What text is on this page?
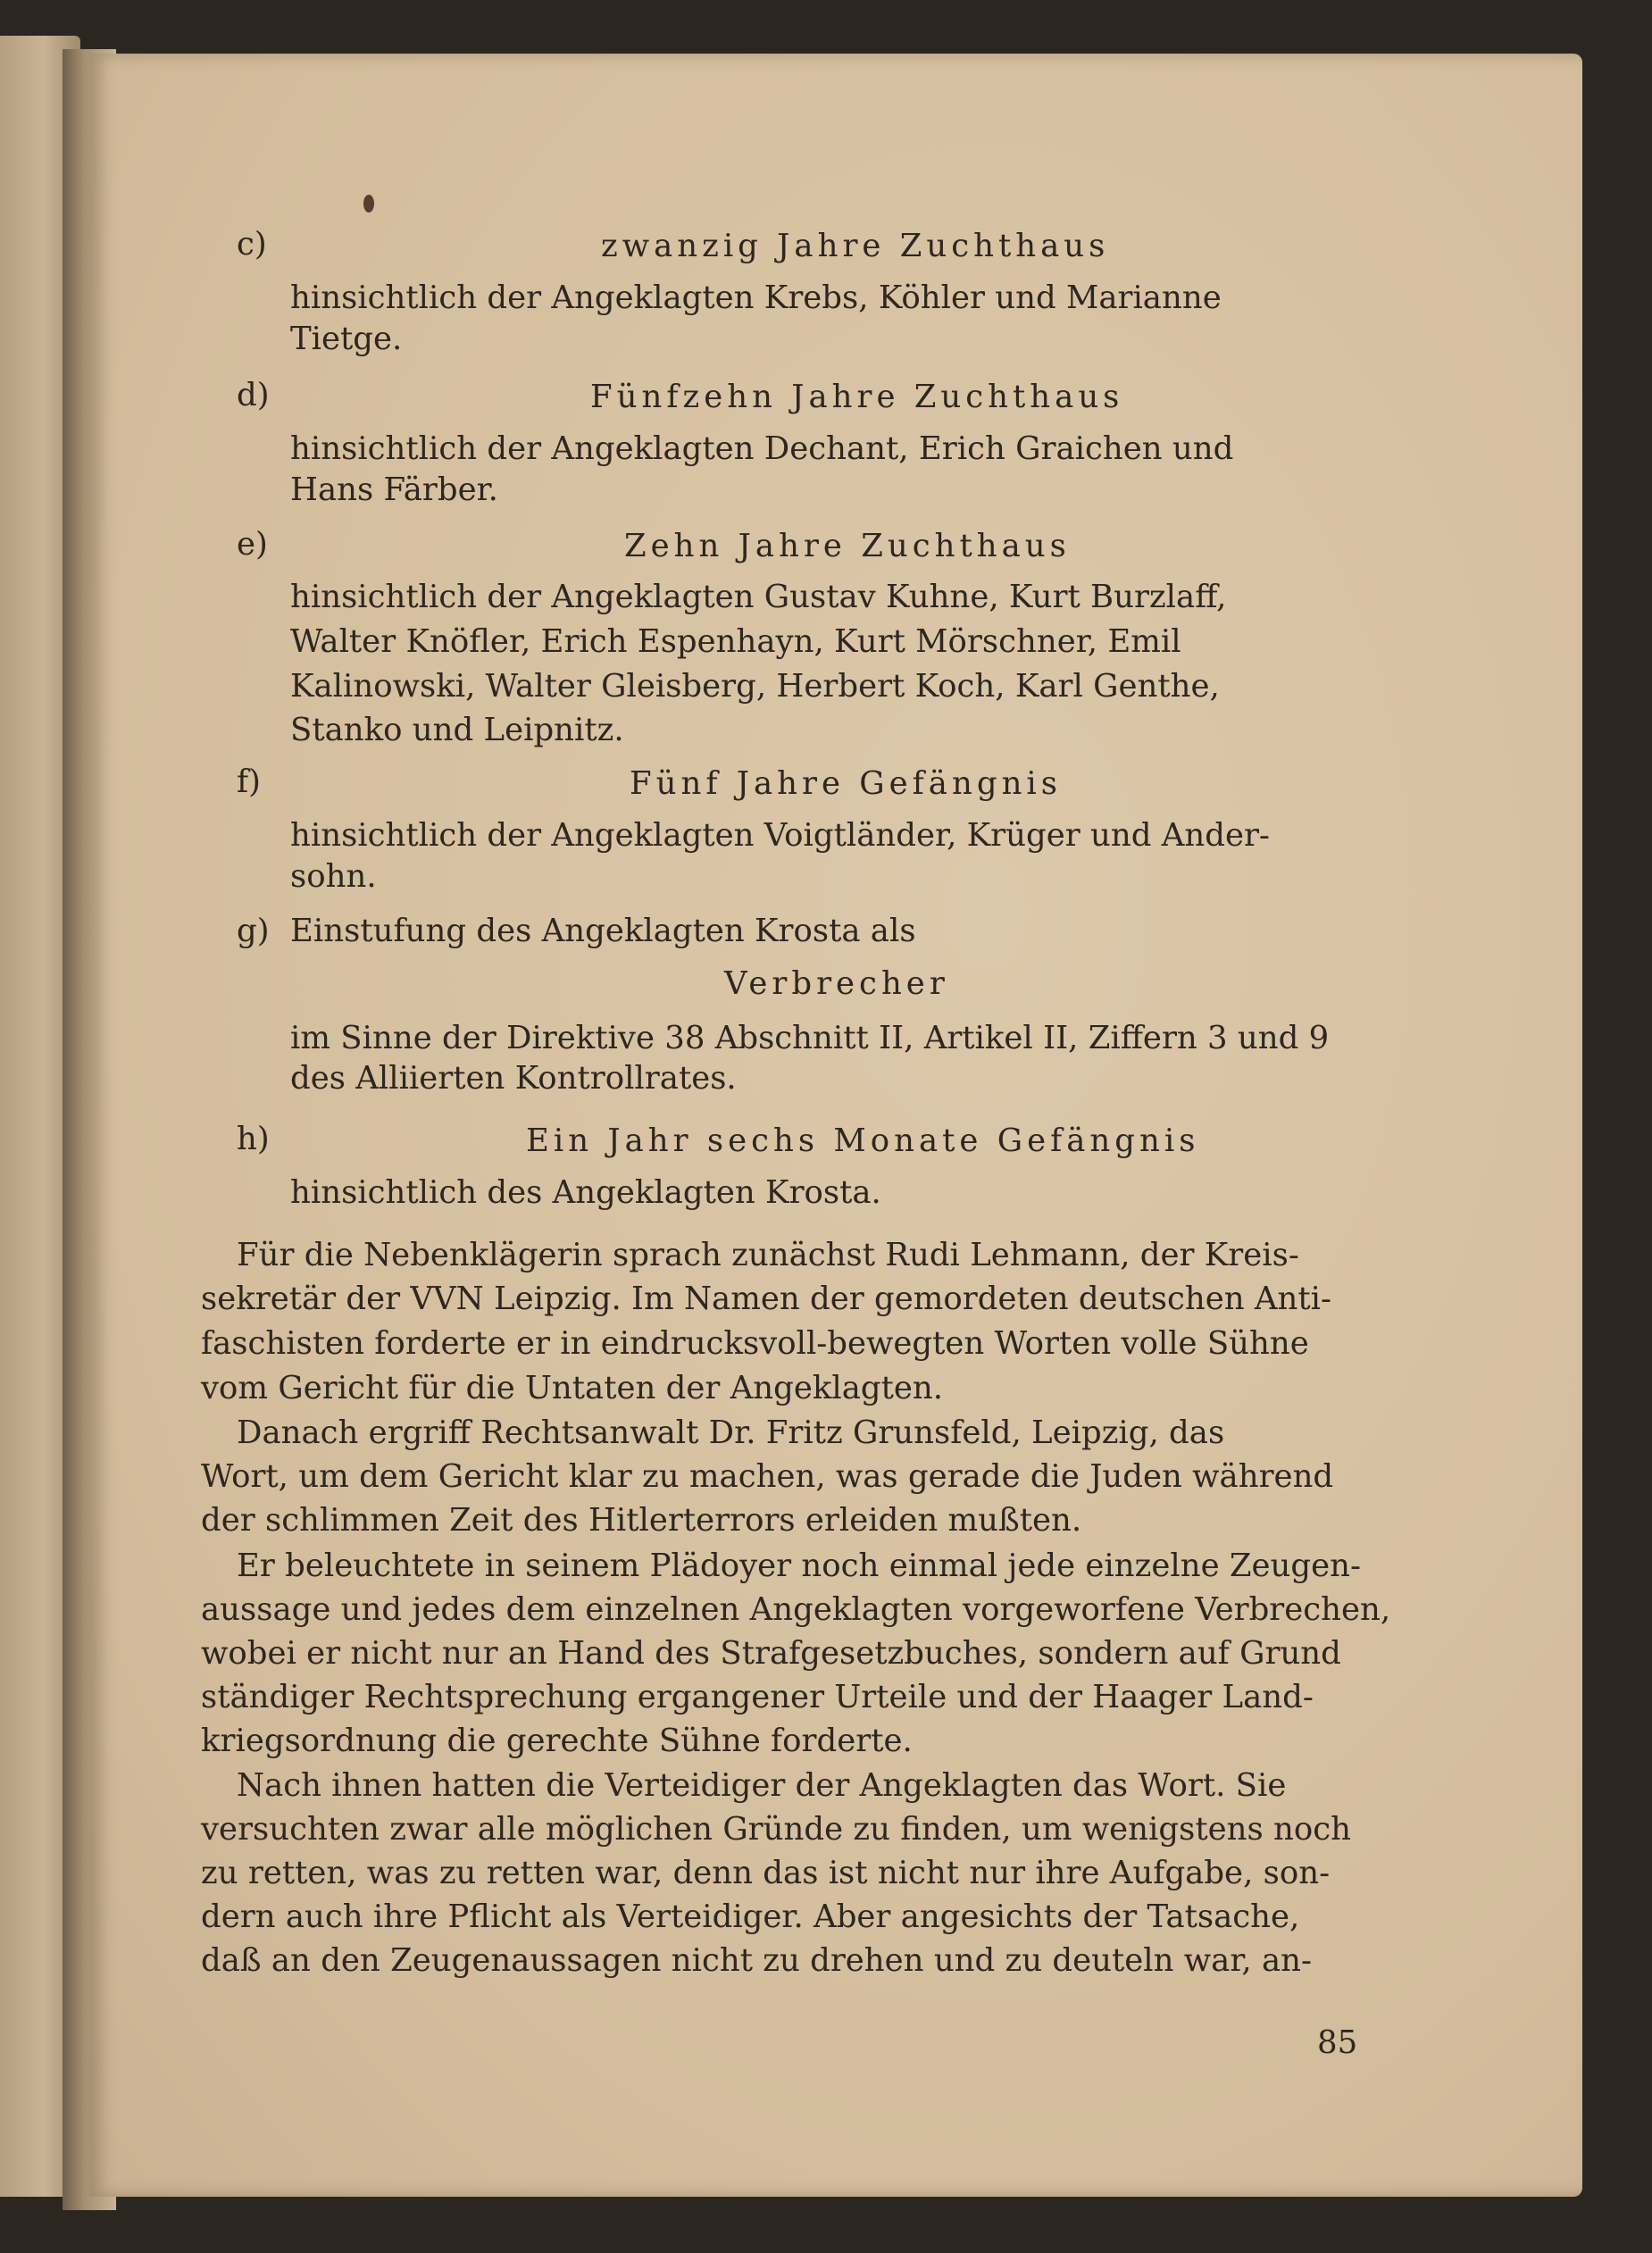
c)	zwanzig Jahre Zuchthaus
hinsichtlich der Angeklagten Krebs, Köhler und Marianne
Tietge.
d)	Fünfzehn Jahre Zuchthaus
hinsichtlich der Angeklagten Dechant, Erich Graichen und
Hans Färber.
e)	Zehn Jahre Zuchthaus
hinsichtlich der Angeklagten Gustav Kuhne, Kurt Burzlaff,
Walter Knöfler, Erich Espenhayn, Kurt Mörschner, Emil
Kalinowski, Walter Gleisberg, Herbert Koch, Karl Genthe,
Stanko und Leipnitz.
f)	Fünf Jahre Gefängnis
hinsichtlich der Angeklagten Voigtländer, Krüger und Ander-
sohn.
g) Einstufung des Angeklagten Krosta als
Verbrecher
im Sinne der Direktive 38 Abschnitt II, Artikel II, Ziffern 3 und 9
des Alliierten Kontrollrates.
h)	Ein Jahr sechs Monate Gefängnis
hinsichtlich des Angeklagten Krosta.
Für die Nebenklägerin sprach zunächst Rudi Lehmann, der Kreis-
sekretär der VVN Leipzig. Im Namen der gemordeten deutschen Anti-
faschisten forderte er in eindrucksvoll-bewegten Worten volle Sühne
vom Gericht für die Untaten der Angeklagten.
Danach ergriff Rechtsanwalt Dr. Fritz Grunsfeld, Leipzig, das
Wort, um dem Gericht klar zu machen, was gerade die Juden während
der schlimmen Zeit des Hitlerterrors erleiden mußten.
Er beleuchtete in seinem Plädoyer noch einmal jede einzelne Zeugen-
aussage und jedes dem einzelnen Angeklagten vorgeworfene Verbrechen,
wobei er nicht nur an Hand des Strafgesetzbuches, sondern auf Grund
ständiger Rechtsprechung ergangener Urteile und der Haager Land-
kriegsordnung die gerechte Sühne forderte.
Nach ihnen hatten die Verteidiger der Angeklagten das Wort. Sie
versuchten zwar alle möglichen Gründe zu finden, um wenigstens noch
zu retten, was zu retten war, denn das ist nicht nur ihre Aufgabe, son-
dern auch ihre Pflicht als Verteidiger. Aber angesichts der Tatsache,
daß an den Zeugenaussagen nicht zu drehen und zu deuteln war, an-
85
